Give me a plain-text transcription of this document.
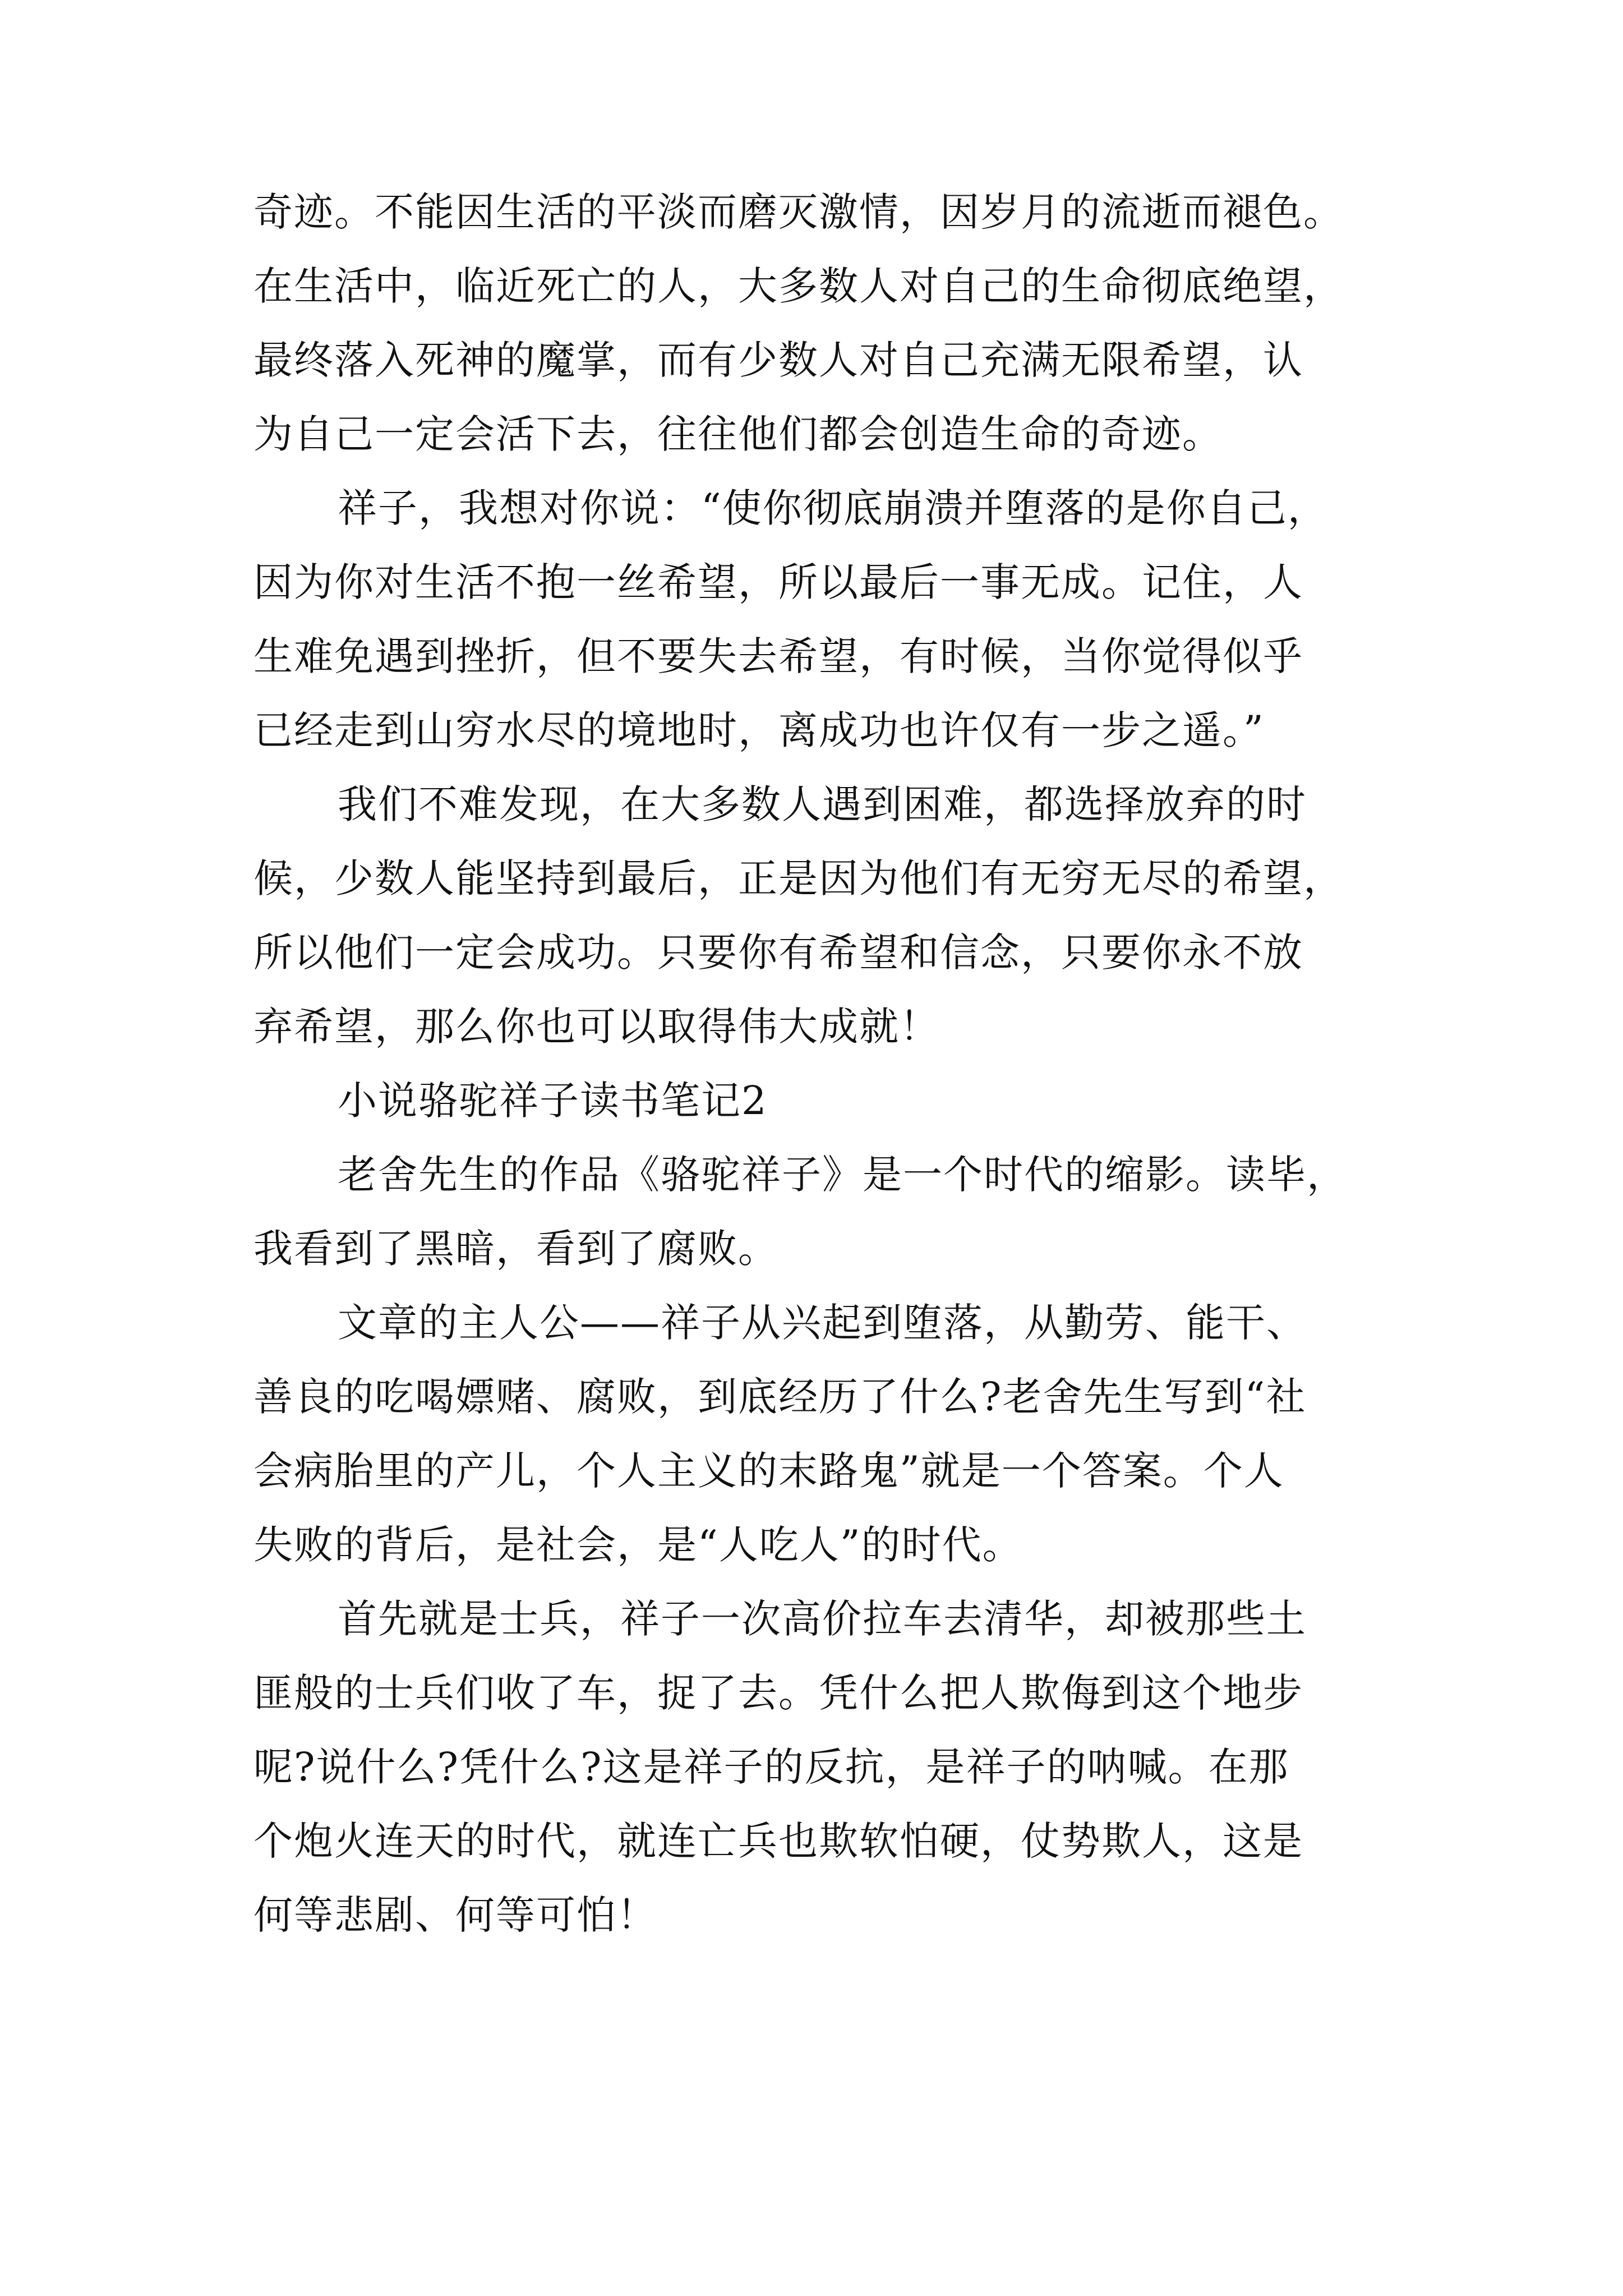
奇迹。不能因生活的平淡而磨灭激情，因岁月的流逝而褪色。
在生活中，临近死亡的人，大多数人对自己的生命彻底绝望，
最终落入死神的魔掌，而有少数人对自己充满无限希望，认
为自己一定会活下去，往往他们都会创造生命的奇迹。
祥子，我想对你说：“使你彻底崩溃并堕落的是你自己，
因为你对生活不抱一丝希望，所以最后一事无成。记住，人
生难免遇到挫折，但不要失去希望，有时候，当你觉得似乎
已经走到山穷水尽的境地时，离成功也许仅有一步之遥。”
我们不难发现，在大多数人遇到困难，都选择放弃的时
候，少数人能坚持到最后，正是因为他们有无穷无尽的希望，
所以他们一定会成功。只要你有希望和信念，只要你永不放
弃希望，那么你也可以取得伟大成就！
小说骆驼祥子读书笔记2
老舍先生的作品《骆驼祥子》是一个时代的缩影。读毕，
我看到了黑暗，看到了腐败。
文章的主人公——祥子从兴起到堕落，从勤劳、能干、
善良的吃喝嫖赌、腐败，到底经历了什么?老舍先生写到“社
会病胎里的产儿，个人主义的末路鬼”就是一个答案。个人
失败的背后，是社会，是“人吃人”的时代。
首先就是士兵，祥子一次高价拉车去清华，却被那些土
匪般的士兵们收了车，捉了去。凭什么把人欺侮到这个地步
呢?说什么?凭什么?这是祥子的反抗，是祥子的呐喊。在那
个炮火连天的时代，就连亡兵也欺软怕硬，仗势欺人，这是
何等悲剧、何等可怕！
